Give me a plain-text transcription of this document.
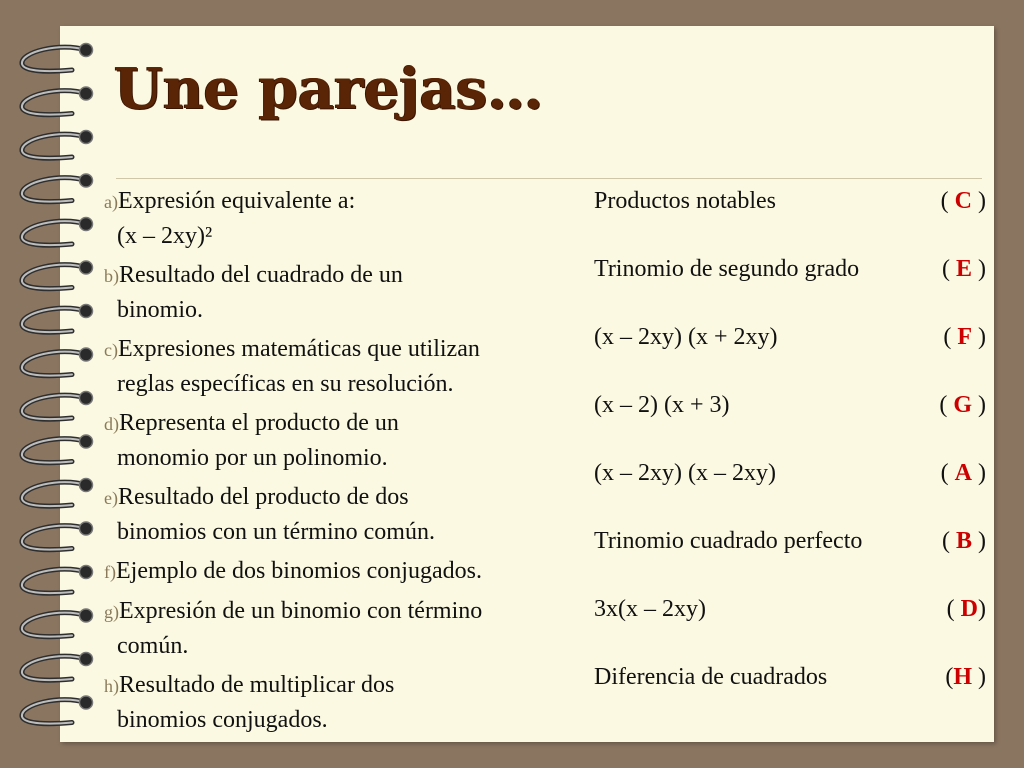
Une parejas…
a)Expresión equivalente a:
(x – 2xy)²
b)Resultado del cuadrado de un
binomio.
c)Expresiones matemáticas que utilizan
reglas específicas en su resolución.
d)Representa el producto de un
monomio por un polinomio.
e)Resultado del producto de dos
binomios con un término común.
f)Ejemplo de dos binomios conjugados.
g)Expresión de un binomio con término
común.
h)Resultado de multiplicar dos
binomios conjugados.
Productos notables	( C )
Trinomio de segundo grado	( E )
(x – 2xy) (x + 2xy)	( F )
(x – 2) (x + 3)	( G )
(x – 2xy) (x – 2xy)	( A )
Trinomio cuadrado perfecto	( B )
3x(x – 2xy)	( D)
Diferencia de cuadrados	(H )
